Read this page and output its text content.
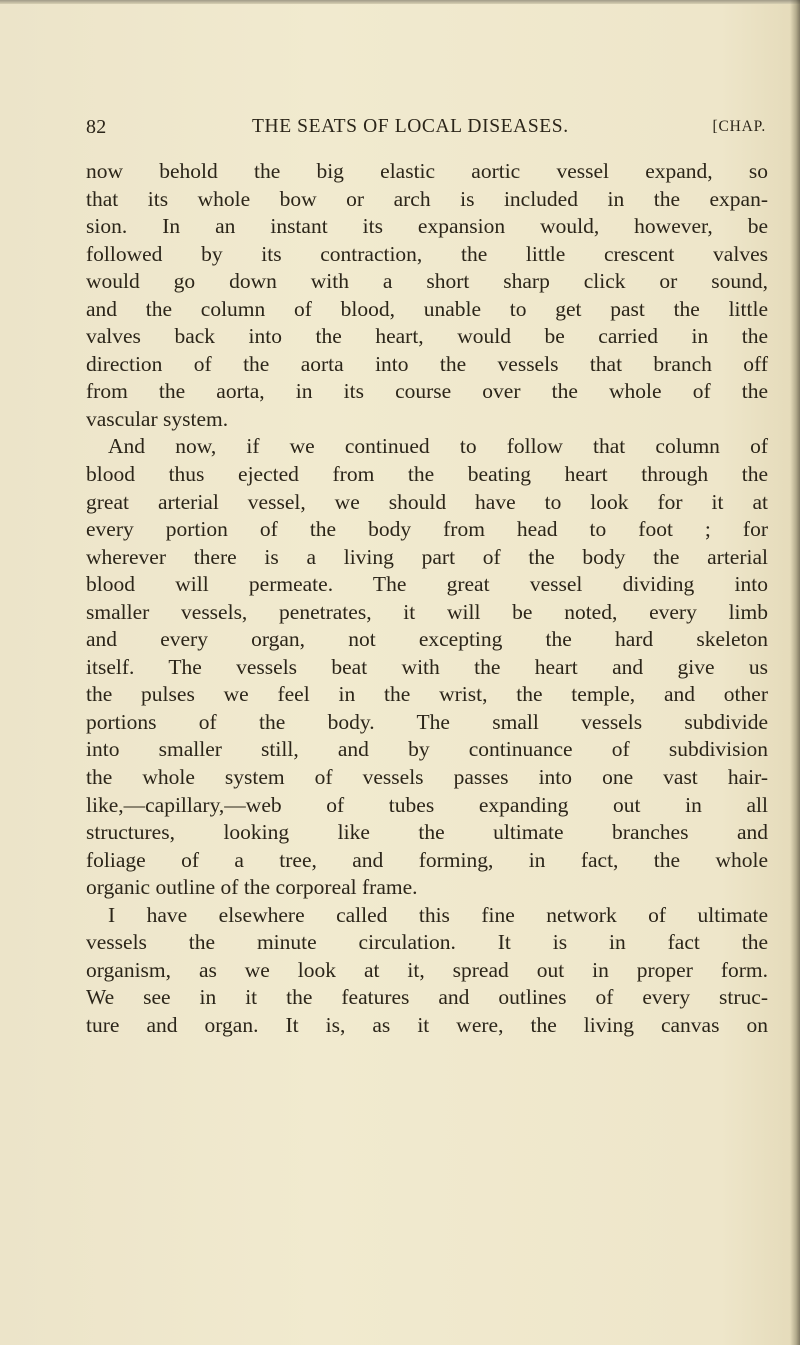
82	THE SEATS OF LOCAL DISEASES.	[CHAP.
now behold the big elastic aortic vessel expand, so
that its whole bow or arch is included in the expan-
sion. In an instant its expansion would, however, be
followed by its contraction, the little crescent valves
would go down with a short sharp click or sound,
and the column of blood, unable to get past the little
valves back into the heart, would be carried in the
direction of the aorta into the vessels that branch off
from the aorta, in its course over the whole of the
vascular system.
And now, if we continued to follow that column of
blood thus ejected from the beating heart through the
great arterial vessel, we should have to look for it at
every portion of the body from head to foot ; for
wherever there is a living part of the body the arterial
blood will permeate. The great vessel dividing into
smaller vessels, penetrates, it will be noted, every limb
and every organ, not excepting the hard skeleton
itself. The vessels beat with the heart and give us
the pulses we feel in the wrist, the temple, and other
portions of the body. The small vessels subdivide
into smaller still, and by continuance of subdivision
the whole system of vessels passes into one vast hair-
like,—capillary,—web of tubes expanding out in all
structures, looking like the ultimate branches and
foliage of a tree, and forming, in fact, the whole
organic outline of the corporeal frame.
I have elsewhere called this fine network of ultimate
vessels the minute circulation. It is in fact the
organism, as we look at it, spread out in proper form.
We see in it the features and outlines of every struc-
ture and organ. It is, as it were, the living canvas on
